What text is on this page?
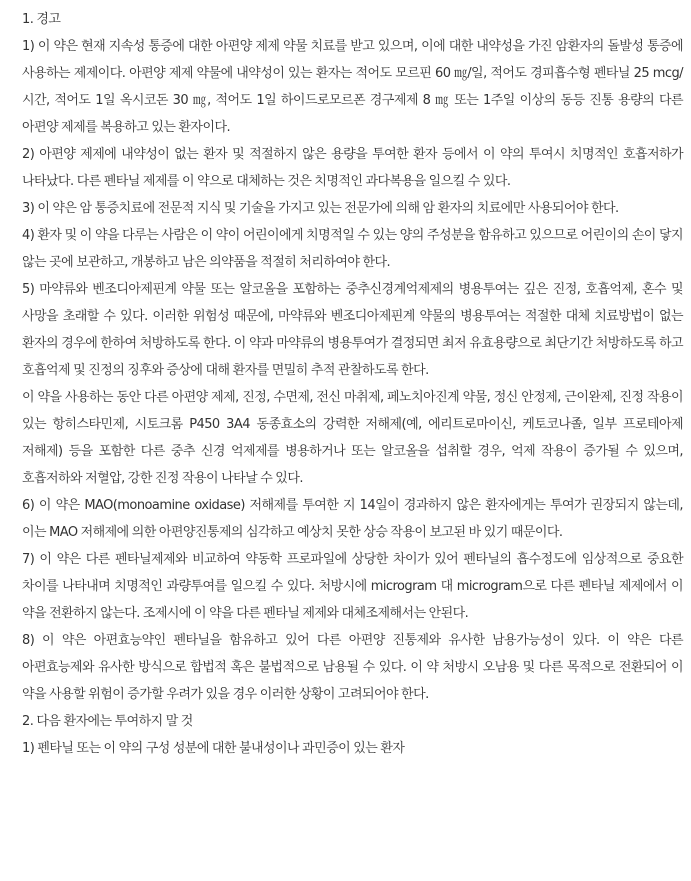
1. 경고

1) 이 약은 현재 지속성 통증에 대한 아편양 제제 약물 치료를 받고 있으며, 이에 대한 내약성을 가진 암환자의 돌발성 통증에 사용하는 제제이다. 아편양 제제 약물에 내약성이 있는 환자는 적어도 모르핀 60 ㎎/일, 적어도 경피흡수형 펜타닐 25 mcg/시간, 적어도 1일 옥시코돈 30 ㎎, 적어도 1일 하이드로모르폰 경구제제 8 ㎎ 또는 1주일 이상의 동등 진통 용량의 다른 아편양 제제를 복용하고 있는 환자이다.

2) 아편양 제제에 내약성이 없는 환자 및 적절하지 않은 용량을 투여한 환자 등에서 이 약의 투여시 치명적인 호흡저하가 나타났다. 다른 펜타닐 제제를 이 약으로 대체하는 것은 치명적인 과다복용을 일으킬 수 있다.

3) 이 약은 암 통증치료에 전문적 지식 및 기술을 가지고 있는 전문가에 의해 암 환자의 치료에만 사용되어야 한다.

4) 환자 및 이 약을 다루는 사람은 이 약이 어린이에게 치명적일 수 있는 양의 주성분을 함유하고 있으므로 어린이의 손이 닿지 않는 곳에 보관하고, 개봉하고 남은 의약품을 적절히 처리하여야 한다.

5) 마약류와 벤조디아제핀계 약물 또는 알코올을 포함하는 중추신경계억제제의 병용투여는 깊은 진정, 호흡억제, 혼수 및 사망을 초래할 수 있다. 이러한 위험성 때문에, 마약류와 벤조디아제핀계 약물의 병용투여는 적절한 대체 치료방법이 없는 환자의 경우에 한하여 처방하도록 한다. 이 약과 마약류의 병용투여가 결정되면 최저 유효용량으로 최단기간 처방하도록 하고 호흡억제 및 진정의 징후와 증상에 대해 환자를 면밀히 추적 관찰하도록 한다.

이 약을 사용하는 동안 다른 아편양 제제, 진정, 수면제, 전신 마취제, 페노치아진계 약물, 정신 안정제, 근이완제, 진정 작용이 있는 항히스타민제, 시토크롬 P450 3A4 동종효소의 강력한 저해제(예, 에리트로마이신, 케토코나졸, 일부 프로테아제 저해제) 등을 포함한 다른 중추 신경 억제제를 병용하거나 또는 알코올을 섭취할 경우, 억제 작용이 증가될 수 있으며, 호흡저하와 저혈압, 강한 진정 작용이 나타날 수 있다.

6) 이 약은 MAO(monoamine oxidase) 저해제를 투여한 지 14일이 경과하지 않은 환자에게는 투여가 권장되지 않는데, 이는 MAO 저해제에 의한 아편양진통제의 심각하고 예상치 못한 상승 작용이 보고된 바 있기 때문이다.

7) 이 약은 다른 펜타닐제제와 비교하여 약동학 프로파일에 상당한 차이가 있어 펜타닐의 흡수정도에 임상적으로 중요한 차이를 나타내며 치명적인 과량투여를 일으킬 수 있다. 처방시에 microgram 대 microgram으로 다른 펜타닐 제제에서 이 약을 전환하지 않는다. 조제시에 이 약을 다른 펜타닐 제제와 대체조제해서는 안된다.

8) 이 약은 아편효능약인 펜타닐을 함유하고 있어 다른 아편양 진통제와 유사한 남용가능성이 있다. 이 약은 다른 아편효능제와 유사한 방식으로 합법적 혹은 불법적으로 남용될 수 있다. 이 약 처방시 오남용 및 다른 목적으로 전환되어 이 약을 사용할 위험이 증가할 우려가 있을 경우 이러한 상황이 고려되어야 한다.

2. 다음 환자에는 투여하지 말 것

1) 펜타닐 또는 이 약의 구성 성분에 대한 불내성이나 과민증이 있는 환자
